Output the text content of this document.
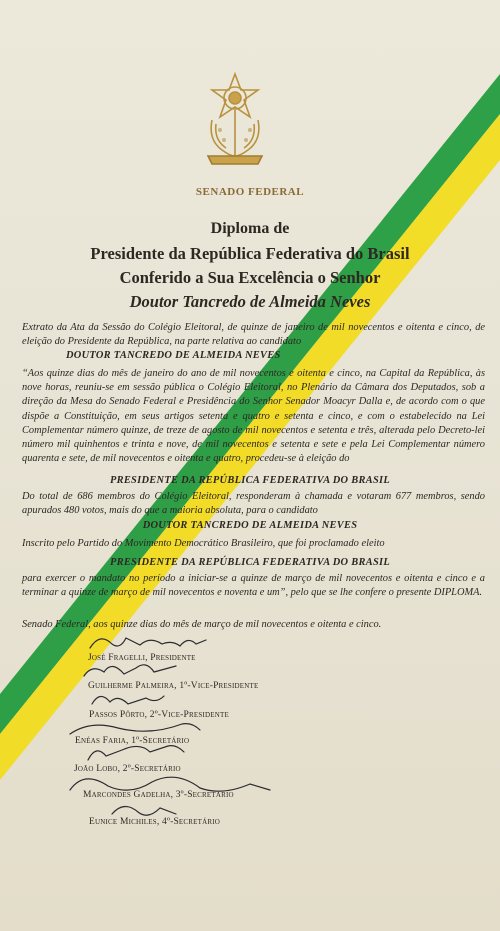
SENADO FEDERAL
Diploma de
Presidente da República Federativa do Brasil
Conferido a Sua Excelência o Senhor
Doutor Tancredo de Almeida Neves
Extrato da Ata da Sessão do Colégio Eleitoral, de quinze de janeiro de mil novecentos e oitenta e cinco, de eleição do Presidente da República, na parte relativa ao candidato
DOUTOR TANCREDO DE ALMEIDA NEVES
“Aos quinze dias do mês de janeiro do ano de mil novecentos e oitenta e cinco, na Capital da República, às nove horas, reuniu-se em sessão pública o Colégio Eleitoral, no Plenário da Câmara dos Deputados, sob a direção da Mesa do Senado Federal e Presidência do Senhor Senador Moacyr Dalla e, de acordo com o que dispõe a Constituição, em seus artigos setenta e quatro e setenta e cinco, e com o estabelecido na Lei Complementar número quinze, de treze de agosto de mil novecentos e setenta e três, alterada pelo Decreto-lei número mil quinhentos e trinta e nove, de mil novecentos e setenta e sete e pela Lei Complementar número quarenta e sete, de mil novecentos e oitenta e quatro, procedeu-se à eleição do
PRESIDENTE DA REPÚBLICA FEDERATIVA DO BRASIL
Do total de 686 membros do Colégio Eleitoral, responderam à chamada e votaram 677 membros, sendo apurados 480 votos, mais do que a maioria absoluta, para o candidato
DOUTOR TANCREDO DE ALMEIDA NEVES
Inscrito pelo Partido do Movimento Democrático Brasileiro, que foi proclamado eleito
PRESIDENTE DA REPÚBLICA FEDERATIVA DO BRASIL
para exercer o mandato no período a iniciar-se a quinze de março de mil novecentos e oitenta e cinco e a terminar a quinze de março de mil novecentos e noventa e um”, pelo que se lhe confere o presente DIPLOMA.
Senado Federal, aos quinze dias do mês de março de mil novecentos e oitenta e cinco.
José Fragelli, Presidente
Guilherme Palmeira, 1º-Vice-Presidente
Passos Pôrto, 2º-Vice-Presidente
Enéas Faria, 1º-Secretário
João Lobo, 2º-Secretário
Marcondes Gadelha, 3º-Secretário
Eunice Michiles, 4º-Secretário
